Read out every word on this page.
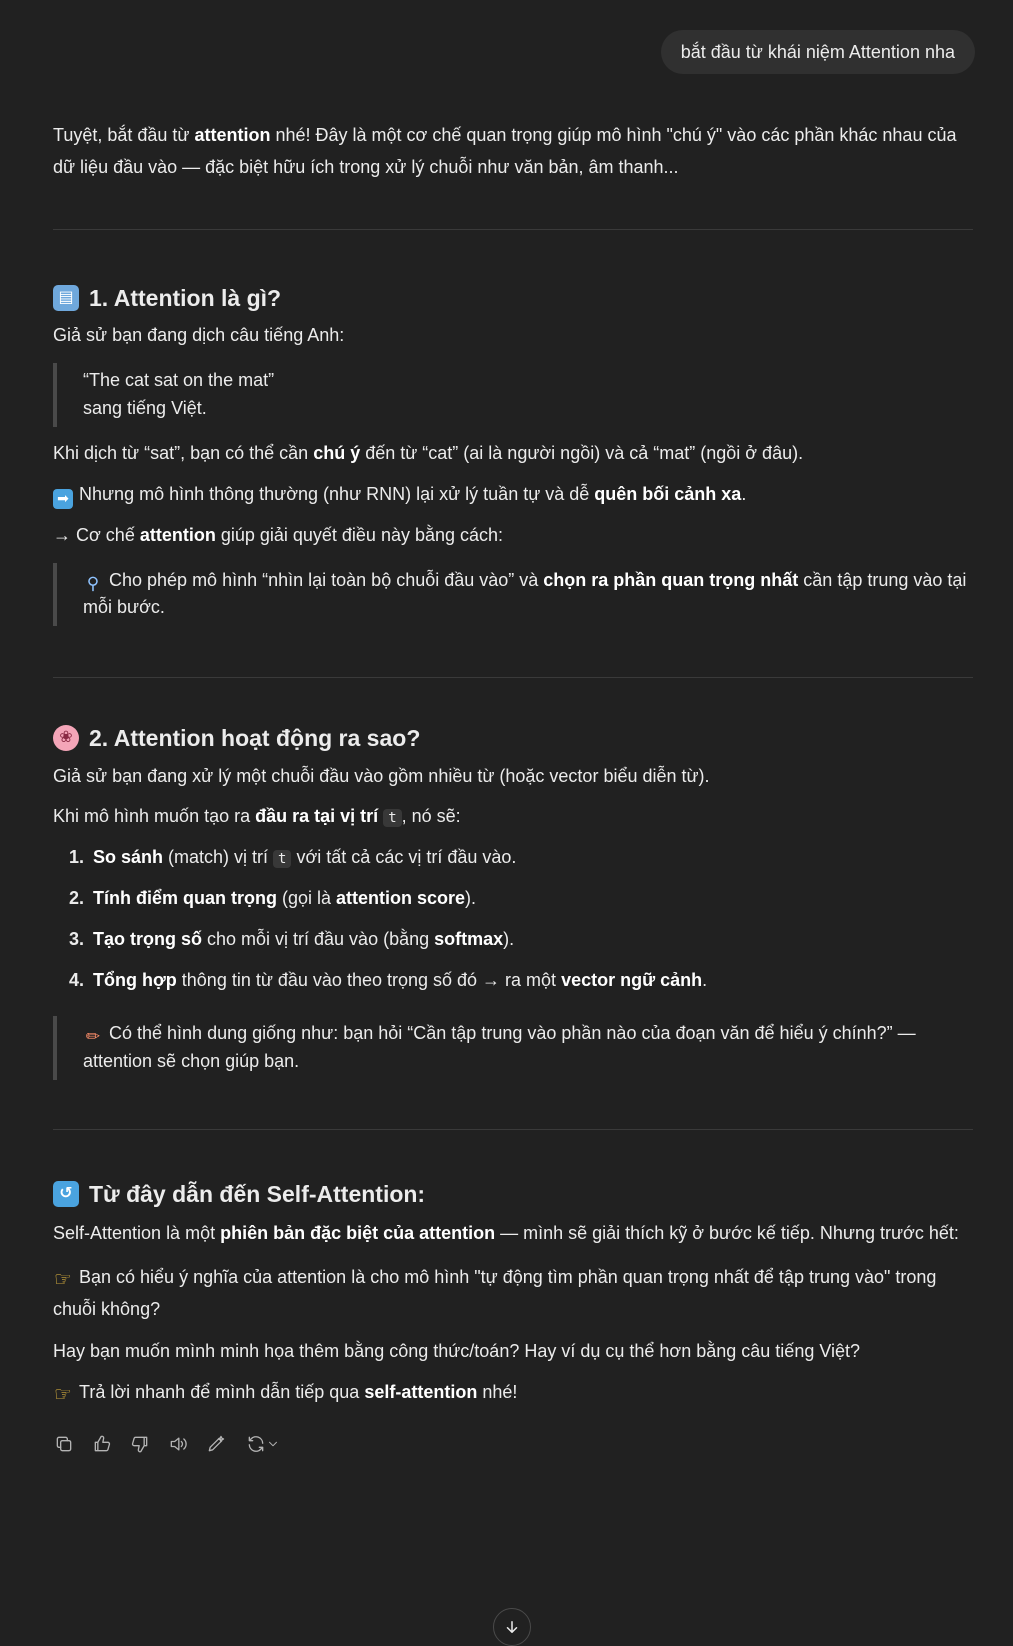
bắt đầu từ khái niệm Attention nha

Tuyệt, bắt đầu từ attention nhé! Đây là một cơ chế quan trọng giúp mô hình "chú ý" vào các phần khác nhau của dữ liệu đầu vào — đặc biệt hữu ích trong xử lý chuỗi như văn bản, âm thanh...

▤ 1. Attention là gì?

Giả sử bạn đang dịch câu tiếng Anh:

“The cat sat on the mat”

sang tiếng Việt.

Khi dịch từ “sat”, bạn có thể cần chú ý đến từ “cat” (ai là người ngồi) và cả “mat” (ngồi ở đâu).

➡ Nhưng mô hình thông thường (như RNN) lại xử lý tuần tự và dễ quên bối cảnh xa.

→ Cơ chế attention giúp giải quyết điều này bằng cách:

⚲ Cho phép mô hình “nhìn lại toàn bộ chuỗi đầu vào” và chọn ra phần quan trọng nhất cần tập trung vào tại mỗi bước.

❀ 2. Attention hoạt động ra sao?

Giả sử bạn đang xử lý một chuỗi đầu vào gồm nhiều từ (hoặc vector biểu diễn từ).

Khi mô hình muốn tạo ra đầu ra tại vị trí t , nó sẽ:

1. So sánh (match) vị trí t với tất cả các vị trí đầu vào.
2. Tính điểm quan trọng (gọi là attention score).
3. Tạo trọng số cho mỗi vị trí đầu vào (bằng softmax).
4. Tổng hợp thông tin từ đầu vào theo trọng số đó → ra một vector ngữ cảnh.

✏ Có thể hình dung giống như: bạn hỏi “Cần tập trung vào phần nào của đoạn văn để hiểu ý chính?” — attention sẽ chọn giúp bạn.

↺ Từ đây dẫn đến Self-Attention:

Self-Attention là một phiên bản đặc biệt của attention — mình sẽ giải thích kỹ ở bước kế tiếp. Nhưng trước hết:

☞ Bạn có hiểu ý nghĩa của attention là cho mô hình "tự động tìm phần quan trọng nhất để tập trung vào" trong chuỗi không?

Hay bạn muốn mình minh họa thêm bằng công thức/toán? Hay ví dụ cụ thể hơn bằng câu tiếng Việt?

☞ Trả lời nhanh để mình dẫn tiếp qua self-attention nhé!
